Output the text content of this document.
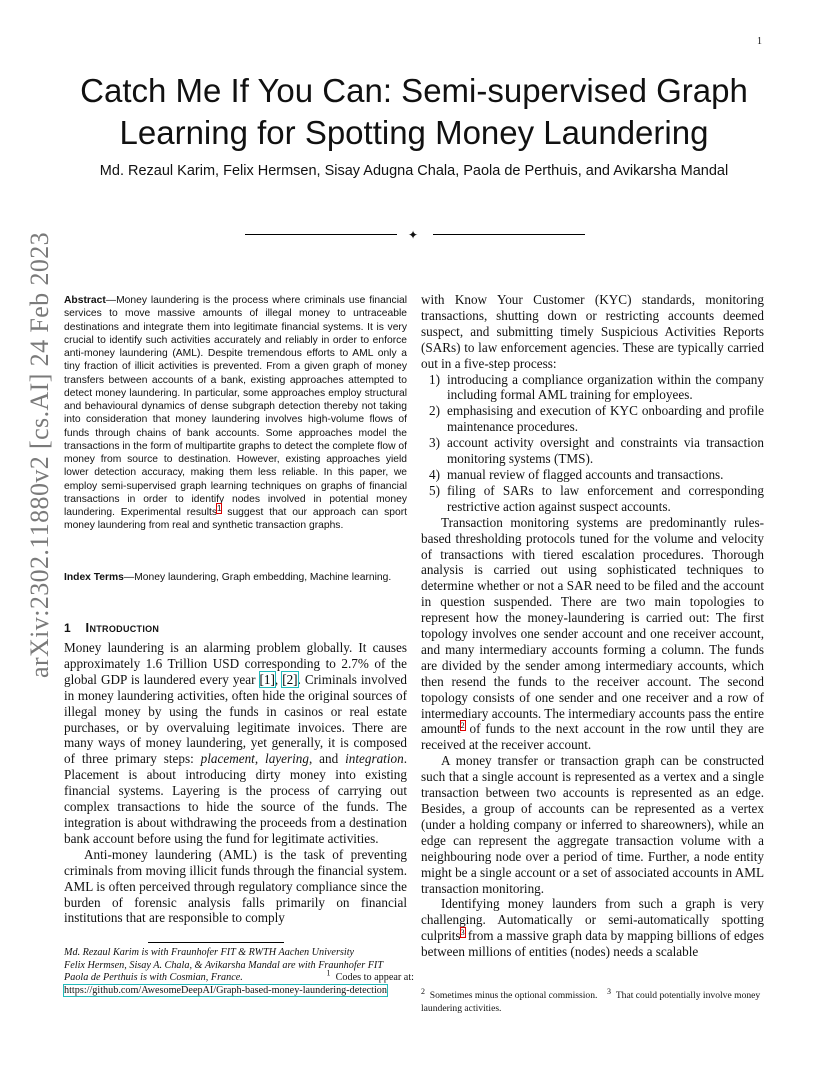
1
Catch Me If You Can: Semi-supervised Graph
Learning for Spotting Money Laundering
Md. Rezaul Karim, Felix Hermsen, Sisay Adugna Chala, Paola de Perthuis, and Avikarsha Mandal
✦
arXiv:2302.11880v2 [cs.AI] 24 Feb 2023 Abstract—Money laundering is the process where criminals use financial services to move massive amounts of illegal money to untraceable destinations and integrate them into legitimate financial systems. It is very crucial to identify such activities accurately and reliably in order to enforce anti-money laundering (AML). Despite tremendous efforts to AML only a tiny fraction of illicit activities is prevented. From a given graph of money transfers between accounts of a bank, existing approaches attempted to detect money laundering. In particular, some approaches employ structural and behavioural dynamics of dense subgraph detection thereby not taking into consideration that money laundering involves high-volume flows of funds through chains of bank accounts. Some approaches model the transactions in the form of multipartite graphs to detect the complete flow of money from source to destination. However, existing approaches yield lower detection accuracy, making them less reliable. In this paper, we employ semi-supervised graph learning techniques on graphs of financial transactions in order to identify nodes involved in potential money laundering. Experimental results$^1$ suggest that our approach can sport money laundering from real and synthetic transaction graphs.
Index Terms—Money laundering, Graph embedding, Machine learning.
1 Introduction

Money laundering is an alarming problem globally. It causes approximately 1.6 Trillion USD corresponding to 2.7% of the global GDP is laundered every year [1], [2]. Criminals involved in money laundering activities, often hide the original sources of illegal money by using the funds in casinos or real estate purchases, or by overvaluing legitimate invoices. There are many ways of money laundering, yet generally, it is composed of three primary steps: placement, layering, and integration. Placement is about introducing dirty money into existing financial systems. Layering is the process of carrying out complex transactions to hide the source of the funds. The integration is about withdrawing the proceeds from a destination bank account before using the fund for legitimate activities.

Anti-money laundering (AML) is the task of preventing criminals from moving illicit funds through the financial system. AML is often perceived through regulatory compliance since the burden of forensic analysis falls primarily on financial institutions that are responsible to comply

Md. Rezaul Karim is with Fraunhofer FIT & RWTH Aachen University
Felix Hermsen, Sisay A. Chala, & Avikarsha Mandal are with Fraunhofer FIT
Paola de Perthuis is with Cosmian, France.	$^1$ Codes to appear at:
https://github.com/AwesomeDeepAI/Graph-based-money-laundering-detection

with Know Your Customer (KYC) standards, monitoring transactions, shutting down or restricting accounts deemed suspect, and submitting timely Suspicious Activities Reports (SARs) to law enforcement agencies. These are typically carried out in a five-step process:

1) introducing a compliance organization within the company including formal AML training for employees.
2) emphasising and execution of KYC onboarding and profile maintenance procedures.
3) account activity oversight and constraints via transaction monitoring systems (TMS).
4) manual review of flagged accounts and transactions.
5) filing of SARs to law enforcement and corresponding restrictive action against suspect accounts.

Transaction monitoring systems are predominantly rules-based thresholding protocols tuned for the volume and velocity of transactions with tiered escalation procedures. Thorough analysis is carried out using sophisticated techniques to determine whether or not a SAR need to be filed and the account in question suspended. There are two main topologies to represent how the money-laundering is carried out: The first topology involves one sender account and one receiver account, and many intermediary accounts forming a column. The funds are divided by the sender among intermediary accounts, which then resend the funds to the receiver account. The second topology consists of one sender and one receiver and a row of intermediary accounts. The intermediary accounts pass the entire amount$^2$ of funds to the next account in the row until they are received at the receiver account.

A money transfer or transaction graph can be constructed such that a single account is represented as a vertex and a single transaction between two accounts is represented as an edge. Besides, a group of accounts can be represented as a vertex (under a holding company or inferred to shareowners), while an edge can represent the aggregate transaction volume with a neighbouring node over a period of time. Further, a node entity might be a single account or a set of associated accounts in AML transaction monitoring.

Identifying money launders from such a graph is very challenging. Automatically or semi-automatically spotting culprits$^3$ from a massive graph data by mapping billions of edges between millions of entities (nodes) needs a scalable

$^2$ Sometimes minus the optional commission. $^3$ That could potentially involve money laundering activities.
